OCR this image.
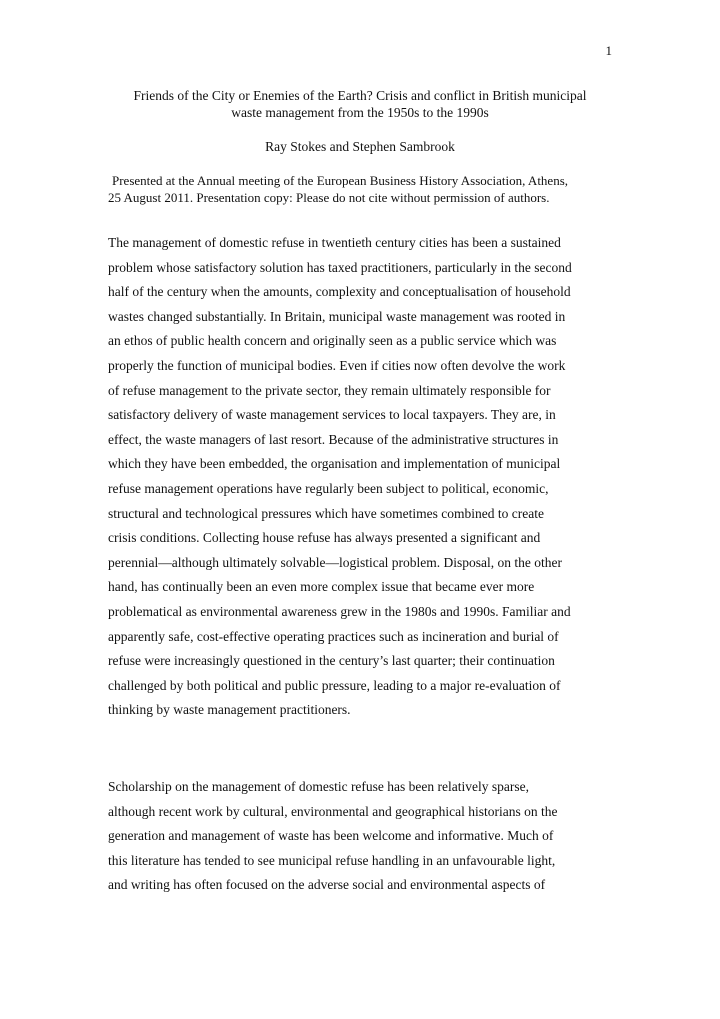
1
Friends of the City or Enemies of the Earth? Crisis and conflict in British municipal
waste management from the 1950s to the 1990s
Ray Stokes and Stephen Sambrook
Presented at the Annual meeting of the European Business History Association, Athens,
25 August 2011. Presentation copy: Please do not cite without permission of authors.
The management of domestic refuse in twentieth century cities has been a sustained
problem whose satisfactory solution has taxed practitioners, particularly in the second
half of the century when the amounts, complexity and conceptualisation of household
wastes changed substantially. In Britain, municipal waste management was rooted in
an ethos of public health concern and originally seen as a public service which was
properly the function of municipal bodies. Even if cities now often devolve the work
of refuse management to the private sector, they remain ultimately responsible for
satisfactory delivery of waste management services to local taxpayers. They are, in
effect, the waste managers of last resort. Because of the administrative structures in
which they have been embedded, the organisation and implementation of municipal
refuse management operations have regularly been subject to political, economic,
structural and technological pressures which have sometimes combined to create
crisis conditions. Collecting house refuse has always presented a significant and
perennial—although ultimately solvable—logistical problem. Disposal, on the other
hand, has continually been an even more complex issue that became ever more
problematical as environmental awareness grew in the 1980s and 1990s. Familiar and
apparently safe, cost-effective operating practices such as incineration and burial of
refuse were increasingly questioned in the century’s last quarter; their continuation
challenged by both political and public pressure, leading to a major re-evaluation of
thinking by waste management practitioners.
Scholarship on the management of domestic refuse has been relatively sparse,
although recent work by cultural, environmental and geographical historians on the
generation and management of waste has been welcome and informative. Much of
this literature has tended to see municipal refuse handling in an unfavourable light,
and writing has often focused on the adverse social and environmental aspects of
